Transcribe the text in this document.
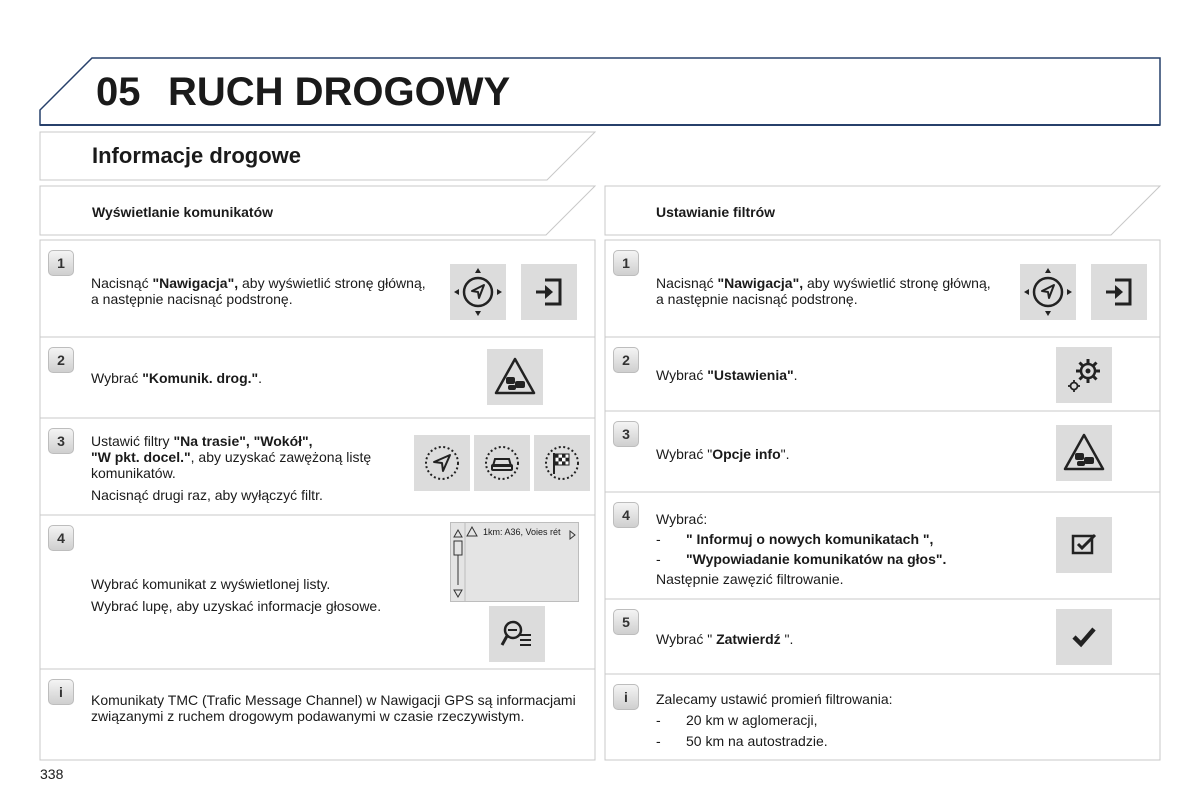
05 RUCH DROGOWY
Informacje drogowe
Wyświetlanie komunikatów	Ustawianie filtrów
1

Nacisnąć "Nawigacja", aby wyświetlić stronę główną, a następnie nacisnąć podstronę.

2

Wybrać "Komunik. drog.".

3	Ustawić filtry "Na trasie", "Wokół",

"W pkt. docel.", aby uzyskać zawężoną listę komunikatów.

Nacisnąć drugi raz, aby wyłączyć filtr.

4

Wybrać komunikat z wyświetlonej listy.

Wybrać lupę, aby uzyskać informacje głosowe.

1km: A36, Voies rét
i	Komunikaty TMC (Trafic Message Channel) w Nawigacji GPS są informacjami związanymi z ruchem drogowym podawanymi w czasie rzeczywistym.
1

Nacisnąć "Nawigacja", aby wyświetlić stronę główną, a następnie nacisnąć podstronę.

2

Wybrać "Ustawienia".

3

Wybrać "Opcje info".

4	Wybrać:

- " Informuj o nowych komunikatach ",

- "Wypowiadanie komunikatów na głos".

Następnie zawęzić filtrowanie.

5

Wybrać " Zatwierdź ".

i	Zalecamy ustawić promień filtrowania:

- 20 km w aglomeracji,

- 50 km na autostradzie.

338
